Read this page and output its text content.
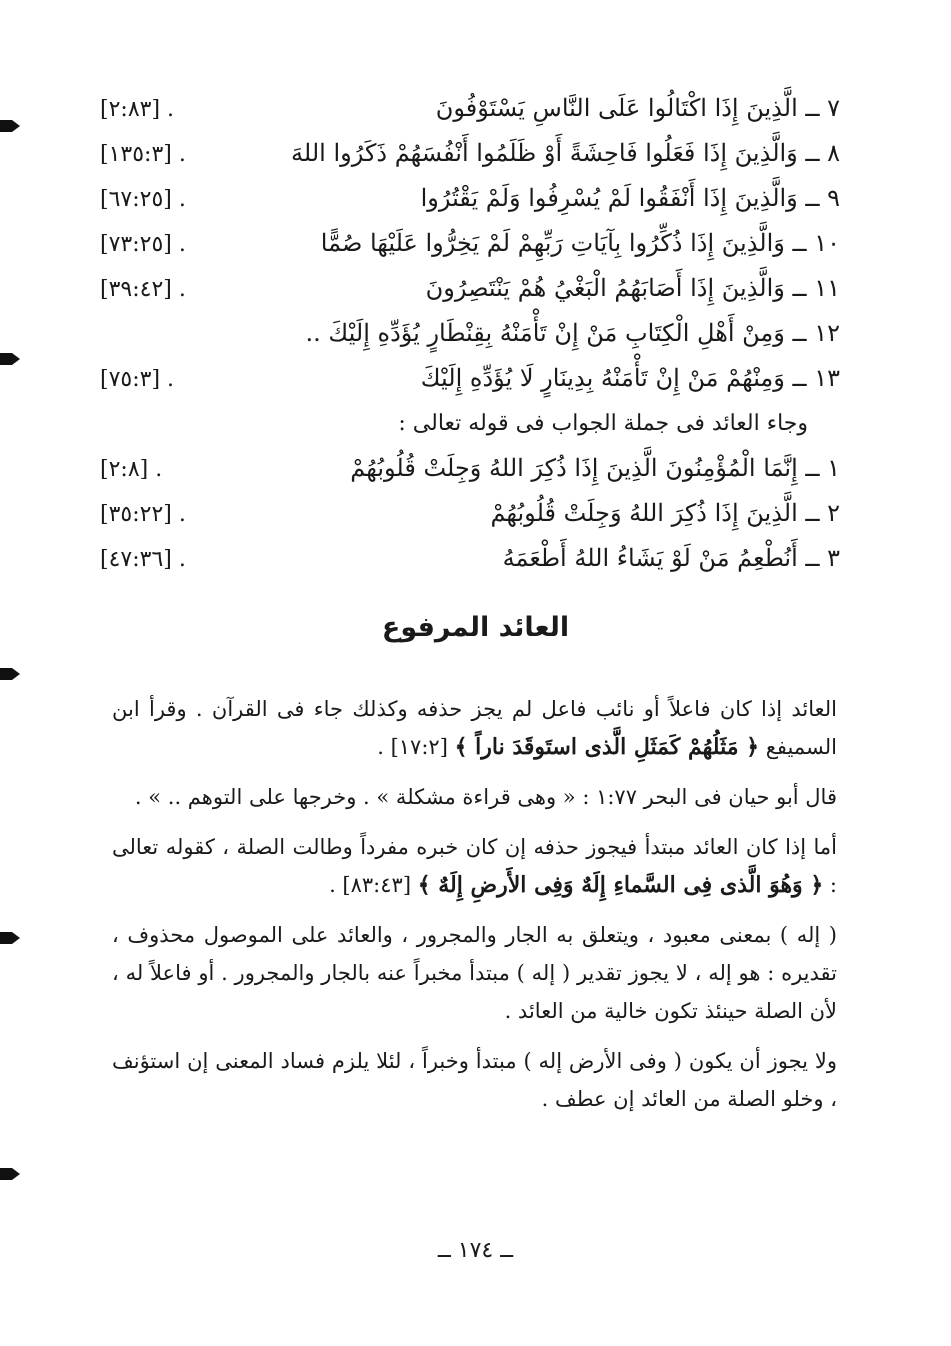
٧ ــ الَّذِينَ إِذَا اكْتَالُوا عَلَى النَّاسِ يَسْتَوْفُونَ
[٢:٨٣] .
٨ ــ وَالَّذِينَ إِذَا فَعَلُوا فَاحِشَةً أَوْ ظَلَمُوا أَنْفُسَهُمْ ذَكَرُوا اللهَ
[١٣٥:٣] .
٩ ــ وَالَّذِينَ إِذَا أَنْفَقُوا لَمْ يُسْرِفُوا وَلَمْ يَقْتُرُوا
[٦٧:٢٥] .
١٠ ــ وَالَّذِينَ إِذَا ذُكِّرُوا بِآيَاتِ رَبِّهِمْ لَمْ يَخِرُّوا عَلَيْهَا صُمًّا
[٧٣:٢٥] .
١١ ــ وَالَّذِينَ إِذَا أَصَابَهُمُ الْبَغْيُ هُمْ يَنْتَصِرُونَ
[٣٩:٤٢] .
١٢ ــ وَمِنْ أَهْلِ الْكِتَابِ مَنْ إِنْ تَأْمَنْهُ بِقِنْطَارٍ يُؤَدِّهِ إِلَيْكَ ..
١٣ ــ وَمِنْهُمْ مَنْ إِنْ تَأْمَنْهُ بِدِينَارٍ لَا يُؤَدِّهِ إِلَيْكَ
[٧٥:٣] .
وجاء العائد فى جملة الجواب فى قوله تعالى :
١ ــ إِنَّمَا الْمُؤْمِنُونَ الَّذِينَ إِذَا ذُكِرَ اللهُ وَجِلَتْ قُلُوبُهُمْ
[٢:٨] .
٢ ــ الَّذِينَ إِذَا ذُكِرَ اللهُ وَجِلَتْ قُلُوبُهُمْ
[٣٥:٢٢] .
٣ ــ أَنُطْعِمُ مَنْ لَوْ يَشَاءُ اللهُ أَطْعَمَهُ
[٤٧:٣٦] .
العائد المرفوع

العائد إذا كان فاعلاً أو نائب فاعل لم يجز حذفه وكذلك جاء فى القرآن . وقرأ ابن السميفع ﴿ مَثَلُهُمْ كَمَثَلِ الَّذى استَوقَدَ ناراً ﴾ [١٧:٢] .

قال أبو حيان فى البحر ١:٧٧ : « وهى قراءة مشكلة » . وخرجها على التوهم .. » .

أما إذا كان العائد مبتدأ فيجوز حذفه إن كان خبره مفرداً وطالت الصلة ، كقوله تعالى : ﴿ وَهُوَ الَّذى فِى السَّماءِ إِلَهٌ وَفِى الأَرضِ إِلَهٌ ﴾ [٨٣:٤٣] .

( إله ) بمعنى معبود ، ويتعلق به الجار والمجرور ، والعائد على الموصول محذوف ، تقديره : هو إله ، لا يجوز تقدير ( إله ) مبتدأ مخبراً عنه بالجار والمجرور . أو فاعلاً له ، لأن الصلة حينئذ تكون خالية من العائد .

ولا يجوز أن يكون ( وفى الأرض إله ) مبتدأ وخبراً ، لئلا يلزم فساد المعنى إن استؤنف ، وخلو الصلة من العائد إن عطف .

ــ ١٧٤ ــ
